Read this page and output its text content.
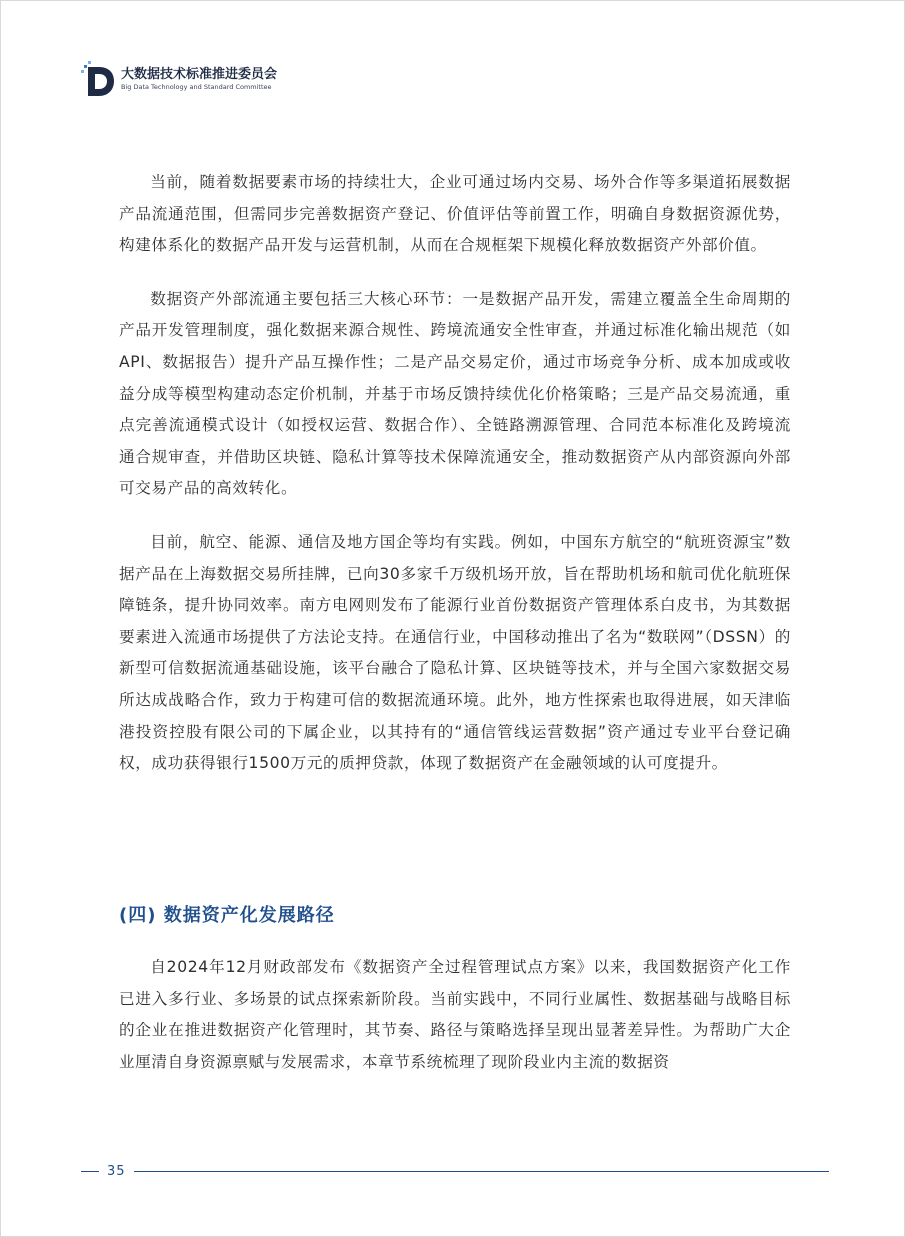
大数据技术标准推进委员会
Big Data Technology and Standard Committee

当前，随着数据要素市场的持续壮大，企业可通过场内交易、场外合作等多渠道拓展数据产品流通范围，但需同步完善数据资产登记、价值评估等前置工作，明确自身数据资源优势，构建体系化的数据产品开发与运营机制，从而在合规框架下规模化释放数据资产外部价值。

数据资产外部流通主要包括三大核心环节：一是数据产品开发，需建立覆盖全生命周期的产品开发管理制度，强化数据来源合规性、跨境流通安全性审查，并通过标准化输出规范（如API、数据报告）提升产品互操作性；二是产品交易定价，通过市场竞争分析、成本加成或收益分成等模型构建动态定价机制，并基于市场反馈持续优化价格策略；三是产品交易流通，重点完善流通模式设计（如授权运营、数据合作）、全链路溯源管理、合同范本标准化及跨境流通合规审查，并借助区块链、隐私计算等技术保障流通安全，推动数据资产从内部资源向外部可交易产品的高效转化。

目前，航空、能源、通信及地方国企等均有实践。例如，中国东方航空的“航班资源宝”数据产品在上海数据交易所挂牌，已向30多家千万级机场开放，旨在帮助机场和航司优化航班保障链条，提升协同效率。南方电网则发布了能源行业首份数据资产管理体系白皮书，为其数据要素进入流通市场提供了方法论支持。在通信行业，中国移动推出了名为“数联网”（DSSN）的新型可信数据流通基础设施，该平台融合了隐私计算、区块链等技术，并与全国六家数据交易所达成战略合作，致力于构建可信的数据流通环境。此外，地方性探索也取得进展，如天津临港投资控股有限公司的下属企业，以其持有的“通信管线运营数据”资产通过专业平台登记确权，成功获得银行1500万元的质押贷款，体现了数据资产在金融领域的认可度提升。

(四) 数据资产化发展路径

自2024年12月财政部发布《数据资产全过程管理试点方案》以来，我国数据资产化工作已进入多行业、多场景的试点探索新阶段。当前实践中，不同行业属性、数据基础与战略目标的企业在推进数据资产化管理时，其节奏、路径与策略选择呈现出显著差异性。为帮助广大企业厘清自身资源禀赋与发展需求，本章节系统梳理了现阶段业内主流的数据资

35
